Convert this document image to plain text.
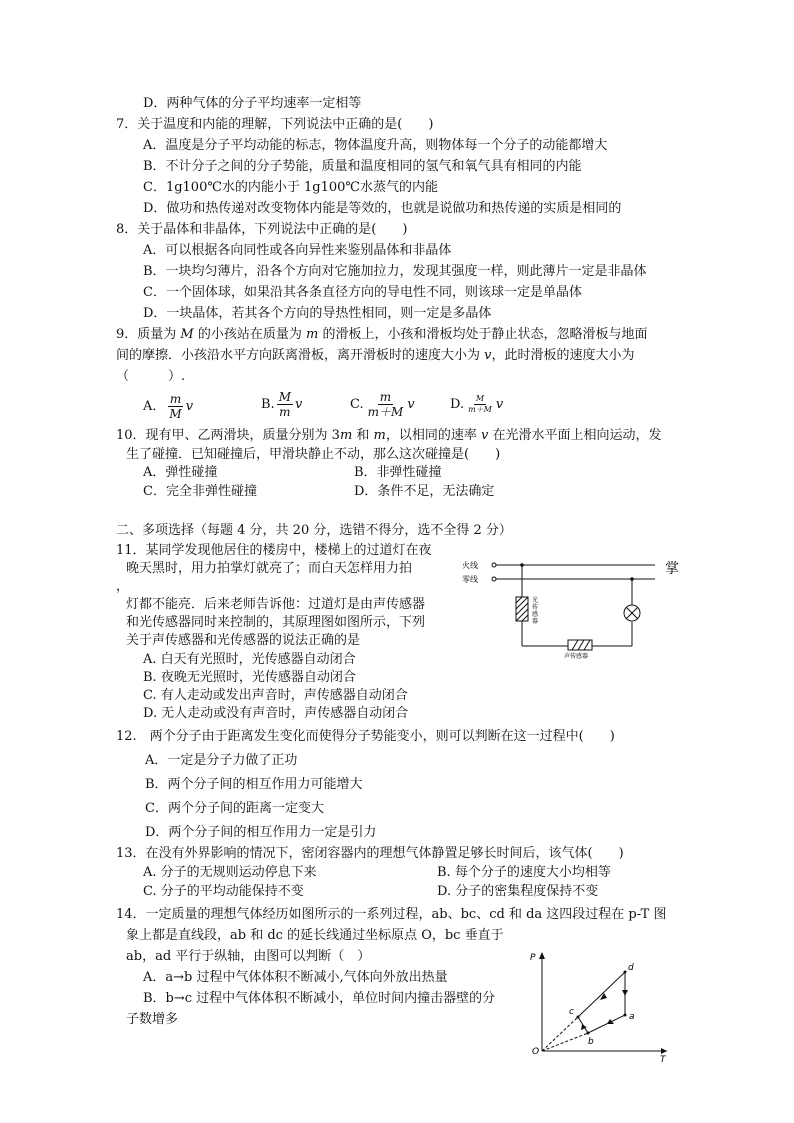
D．两种气体的分子平均速率一定相等
7．关于温度和内能的理解，下列说法中正确的是(　　)
A．温度是分子平均动能的标志，物体温度升高，则物体每一个分子的动能都增大
B．不计分子之间的分子势能，质量和温度相同的氢气和氧气具有相同的内能
C．1g100℃水的内能小于 1g100℃水蒸气的内能
D．做功和热传递对改变物体内能是等效的，也就是说做功和热传递的实质是相同的
8．关于晶体和非晶体，下列说法中正确的是(　　)
A．可以根据各向同性或各向异性来鉴别晶体和非晶体
B．一块均匀薄片，沿各个方向对它施加拉力，发现其强度一样，则此薄片一定是非晶体
C．一个固体球，如果沿其各条直径方向的导电性不同，则该球一定是单晶体
D．一块晶体，若其各个方向的导热性相同，则一定是多晶体
9．质量为 M 的小孩站在质量为 m 的滑板上，小孩和滑板均处于静止状态，忽略滑板与地面
间的摩擦．小孩沿水平方向跃离滑板，离开滑板时的速度大小为 v，此时滑板的速度大小为
（　　　）.
A． $\frac{m}{M}$ v	B. $\frac{M}{m}$ v	C. $\frac{m}{m+M}$ v	D. $\frac{M}{m+M}$ v
10．现有甲、乙两滑块，质量分别为 3m 和 m，以相同的速率 v 在光滑水平面上相向运动，发
生了碰撞．已知碰撞后，甲滑块静止不动，那么这次碰撞是(　　)
A．弹性碰撞	B．非弹性碰撞
C．完全非弹性碰撞	D．条件不足，无法确定
二、多项选择（每题 4 分，共 20 分，选错不得分，选不全得 2 分）
11．某同学发现他居住的楼房中，楼梯上的过道灯在夜
晚天黑时，用力拍掌灯就亮了；而白天怎样用力拍
，
灯都不能亮．后来老师告诉他：过道灯是由声传感器
和光传感器同时来控制的，其原理图如图所示，下列
关于声传感器和光传感器的说法正确的是
A. 白天有光照时，光传感器自动闭合
B. 夜晚无光照时，光传感器自动闭合
C. 有人走动或发出声音时，声传感器自动闭合
D. 无人走动或没有声音时，声传感器自动闭合
火线
零线
掌
光
传
感
器
声传感器
12.　两个分子由于距离发生变化而使得分子势能变小，则可以判断在这一过程中(　　)
A．一定是分子力做了正功
B．两个分子间的相互作用力可能增大
C．两个分子间的距离一定变大
D．两个分子间的相互作用力一定是引力
13．在没有外界影响的情况下，密闭容器内的理想气体静置足够长时间后，该气体(　　)
A. 分子的无规则运动停息下来	B. 每个分子的速度大小均相等
C. 分子的平均动能保持不变	D. 分子的密集程度保持不变
14．一定质量的理想气体经历如图所示的一系列过程，ab、bc、cd 和 da 这四段过程在 p-T 图
象上都是直线段，ab 和 dc 的延长线通过坐标原点 O，bc 垂直于
ab，ad 平行于纵轴，由图可以判断（　）
A．a→b 过程中气体体积不断减小,气体向外放出热量
B．b→c 过程中气体体积不断减小，单位时间内撞击器壁的分
子数增多
P
T
O
a
b
c
d
